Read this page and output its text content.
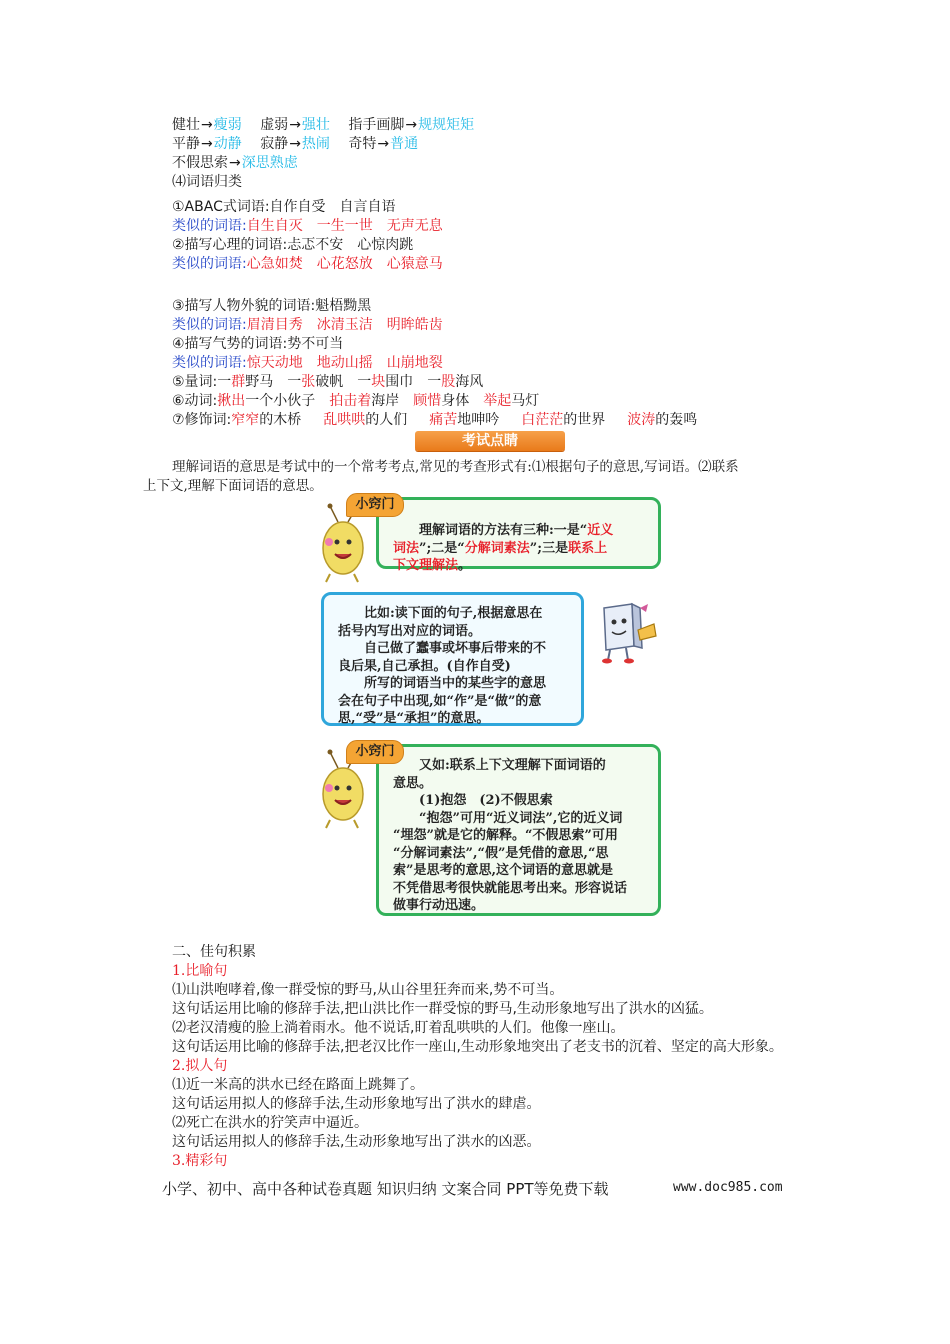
健壮→瘦弱 虚弱→强壮 指手画脚→规规矩矩
平静→动静 寂静→热闹 奇特→普通
不假思索→深思熟虑
⑷词语归类
①ABAC式词语:自作自受　自言自语
类似的词语:自生自灭 一生一世 无声无息
②描写心理的词语:忐忑不安　心惊肉跳
类似的词语:心急如焚 心花怒放 心猿意马
③描写人物外貌的词语:魁梧黝黑
类似的词语:眉清目秀 冰清玉洁 明眸皓齿
④描写气势的词语:势不可当
类似的词语:惊天动地 地动山摇 山崩地裂
⑤量词:一群野马 一张破帆 一块围巾 一股海风
⑥动词:揪出一个小伙子 拍击着海岸 顾惜身体 举起马灯
⑦修饰词:窄窄的木桥 乱哄哄的人们 痛苦地呻吟 白茫茫的世界 波涛的轰鸣
考试点睛
理解词语的意思是考试中的一个常考考点,常见的考查形式有:⑴根据句子的意思,写词语。⑵联系
上下文,理解下面词语的意思。

理解词语的方法有三种:一是“近义
词法”;二是“分解词素法”;三是联系上
下文理解法。

小窍门

比如:读下面的句子,根据意思在

括号内写出对应的词语。

自己做了蠢事或坏事后带来的不

良后果,自己承担。(自作自受)

所写的词语当中的某些字的意思

会在句子中出现,如“作”是“做”的意

思,“受”是“承担”的意思。

又如:联系上下文理解下面词语的

意思。

(1)抱怨　(2)不假思索

“抱怨”可用“近义词法”,它的近义词

“埋怨”就是它的解释。“不假思索”可用

“分解词素法”,“假”是凭借的意思,“思

索”是思考的意思,这个词语的意思就是

不凭借思考很快就能思考出来。形容说话

做事行动迅速。

小窍门
二、佳句积累
1.比喻句
⑴山洪咆哮着,像一群受惊的野马,从山谷里狂奔而来,势不可当。
这句话运用比喻的修辞手法,把山洪比作一群受惊的野马,生动形象地写出了洪水的凶猛。
⑵老汉清瘦的脸上淌着雨水。他不说话,盯着乱哄哄的人们。他像一座山。
这句话运用比喻的修辞手法,把老汉比作一座山,生动形象地突出了老支书的沉着、坚定的高大形象。
2.拟人句
⑴近一米高的洪水已经在路面上跳舞了。
这句话运用拟人的修辞手法,生动形象地写出了洪水的肆虐。
⑵死亡在洪水的狞笑声中逼近。
这句话运用拟人的修辞手法,生动形象地写出了洪水的凶恶。
3.精彩句
小学、初中、高中各种试卷真题 知识归纳 文案合同 PPT等免费下载	www.doc985.com
